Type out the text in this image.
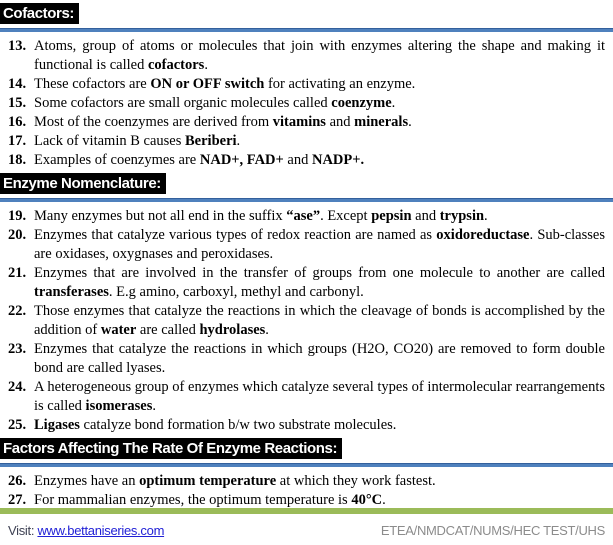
Cofactors:
13. Atoms, group of atoms or molecules that join with enzymes altering the shape and making it functional is called cofactors.
14. These cofactors are ON or OFF switch for activating an enzyme.
15. Some cofactors are small organic molecules called coenzyme.
16. Most of the coenzymes are derived from vitamins and minerals.
17. Lack of vitamin B causes Beriberi.
18. Examples of coenzymes are NAD+, FAD+ and NADP+.
Enzyme Nomenclature:
19. Many enzymes but not all end in the suffix “ase”. Except pepsin and trypsin.
20. Enzymes that catalyze various types of redox reaction are named as oxidoreductase. Sub-classes are oxidases, oxygnases and peroxidases.
21. Enzymes that are involved in the transfer of groups from one molecule to another are called transferases. E.g amino, carboxyl, methyl and carbonyl.
22. Those enzymes that catalyze the reactions in which the cleavage of bonds is accomplished by the addition of water are called hydrolases.
23. Enzymes that catalyze the reactions in which groups (H2O, CO20) are removed to form double bond are called lyases.
24. A heterogeneous group of enzymes which catalyze several types of intermolecular rearrangements is called isomerases.
25. Ligases catalyze bond formation b/w two substrate molecules.
Factors Affecting The Rate Of Enzyme Reactions:
26. Enzymes have an optimum temperature at which they work fastest.
27. For mammalian enzymes, the optimum temperature is 40°C.
Visit: www.bettaniseries.com	ETEA/NMDCAT/NUMS/HEC TEST/UHS
